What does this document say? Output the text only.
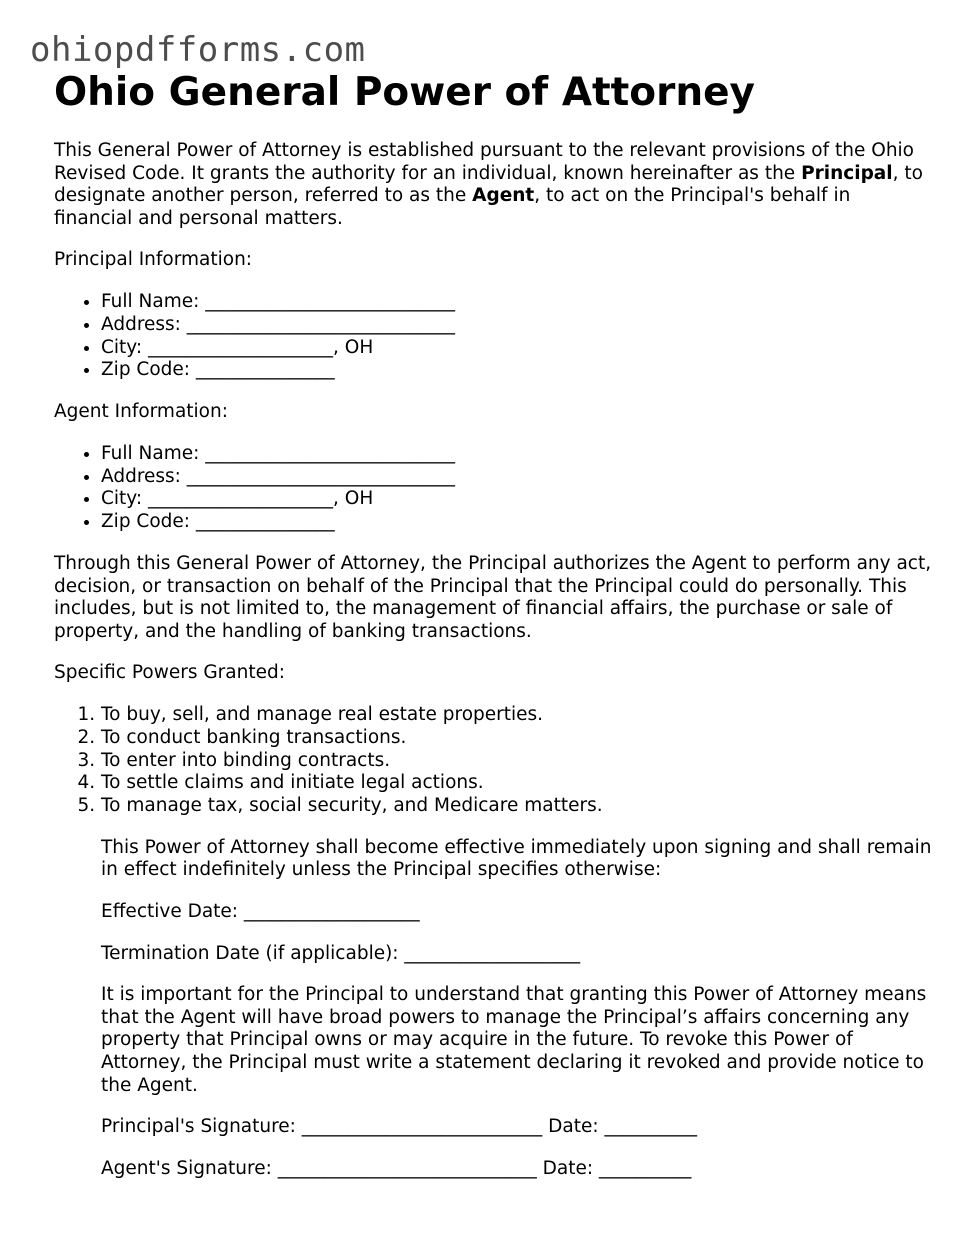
ohiopdfforms.com
Ohio General Power of Attorney

This General Power of Attorney is established pursuant to the relevant provisions of the Ohio Revised Code. It grants the authority for an individual, known hereinafter as the Principal, to designate another person, referred to as the Agent, to act on the Principal's behalf in financial and personal matters.

Principal Information:

• Full Name: ___________________________
• Address: _____________________________
• City: ____________________, OH
• Zip Code: _______________

Agent Information:

• Full Name: ___________________________
• Address: _____________________________
• City: ____________________, OH
• Zip Code: _______________

Through this General Power of Attorney, the Principal authorizes the Agent to perform any act, decision, or transaction on behalf of the Principal that the Principal could do personally. This includes, but is not limited to, the management of financial affairs, the purchase or sale of property, and the handling of banking transactions.

Specific Powers Granted:

1. To buy, sell, and manage real estate properties.
2. To conduct banking transactions.
3. To enter into binding contracts.
4. To settle claims and initiate legal actions.
5. To manage tax, social security, and Medicare matters.

This Power of Attorney shall become effective immediately upon signing and shall remain in effect indefinitely unless the Principal specifies otherwise:

Effective Date: ___________________

Termination Date (if applicable): ___________________

It is important for the Principal to understand that granting this Power of Attorney means that the Agent will have broad powers to manage the Principal’s affairs concerning any property that Principal owns or may acquire in the future. To revoke this Power of Attorney, the Principal must write a statement declaring it revoked and provide notice to the Agent.

Principal's Signature: __________________________ Date: __________

Agent's Signature: ____________________________ Date: __________
